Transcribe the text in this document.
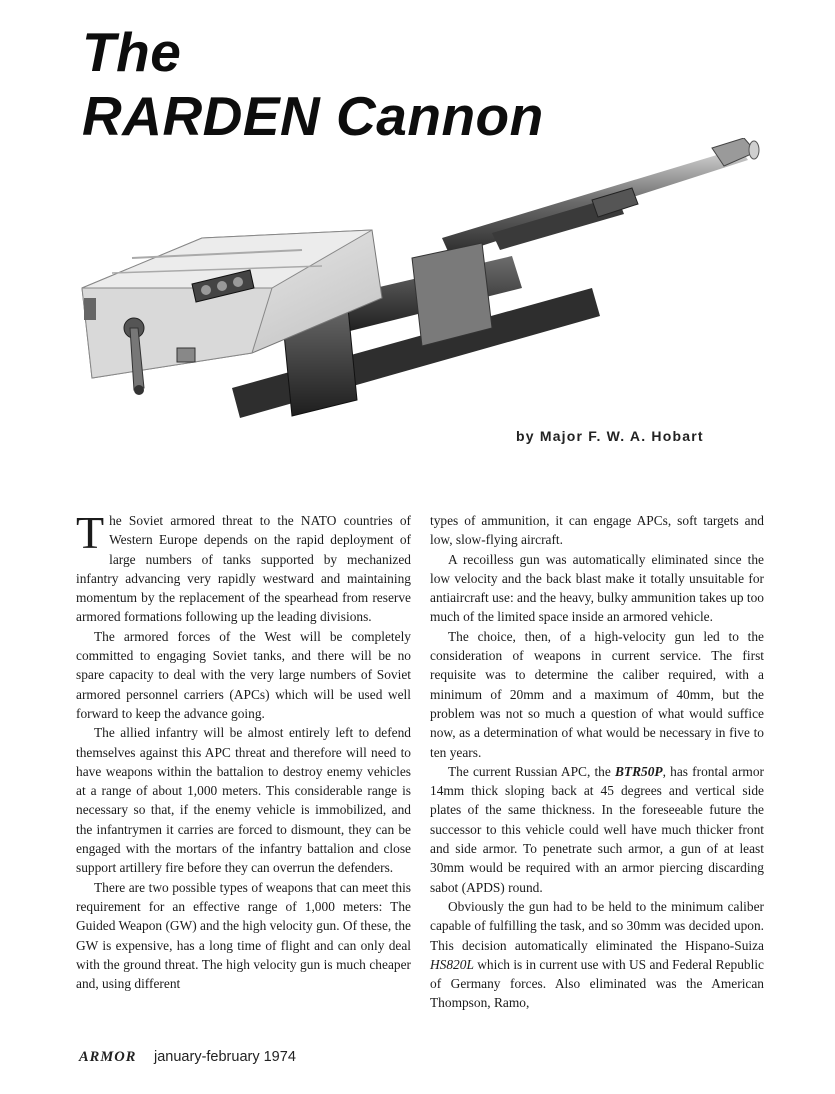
The
RARDEN Cannon
by Major F. W. A. Hobart

The Soviet armored threat to the NATO countries of Western Europe depends on the rapid deployment of large numbers of tanks supported by mechanized infantry advancing very rapidly westward and maintaining momentum by the replacement of the spearhead from reserve armored formations following up the leading divisions.

The armored forces of the West will be completely committed to engaging Soviet tanks, and there will be no spare capacity to deal with the very large numbers of Soviet armored personnel carriers (APCs) which will be used well forward to keep the advance going.

The allied infantry will be almost entirely left to defend themselves against this APC threat and therefore will need to have weapons within the battalion to destroy enemy vehicles at a range of about 1,000 meters. This considerable range is necessary so that, if the enemy vehicle is immobilized, and the infantrymen it carries are forced to dismount, they can be engaged with the mortars of the infantry battalion and close support artillery fire before they can overrun the defenders.

There are two possible types of weapons that can meet this requirement for an effective range of 1,000 meters: The Guided Weapon (GW) and the high velocity gun. Of these, the GW is expensive, has a long time of flight and can only deal with the ground threat. The high velocity gun is much cheaper and, using different

types of ammunition, it can engage APCs, soft targets and low, slow-flying aircraft.

A recoilless gun was automatically eliminated since the low velocity and the back blast make it totally unsuitable for antiaircraft use: and the heavy, bulky ammunition takes up too much of the limited space inside an armored vehicle.

The choice, then, of a high-velocity gun led to the consideration of weapons in current service. The first requisite was to determine the caliber required, with a minimum of 20mm and a maximum of 40mm, but the problem was not so much a question of what would suffice now, as a determination of what would be necessary in five to ten years.

The current Russian APC, the BTR50P, has frontal armor 14mm thick sloping back at 45 degrees and vertical side plates of the same thickness. In the foreseeable future the successor to this vehicle could well have much thicker front and side armor. To penetrate such armor, a gun of at least 30mm would be required with an armor piercing discarding sabot (APDS) round.

Obviously the gun had to be held to the minimum caliber capable of fulfilling the task, and so 30mm was decided upon. This decision automatically eliminated the Hispano-Suiza HS820L which is in current use with US and Federal Republic of Germany forces. Also eliminated was the American Thompson, Ramo,

ARMOR january-february 1974
